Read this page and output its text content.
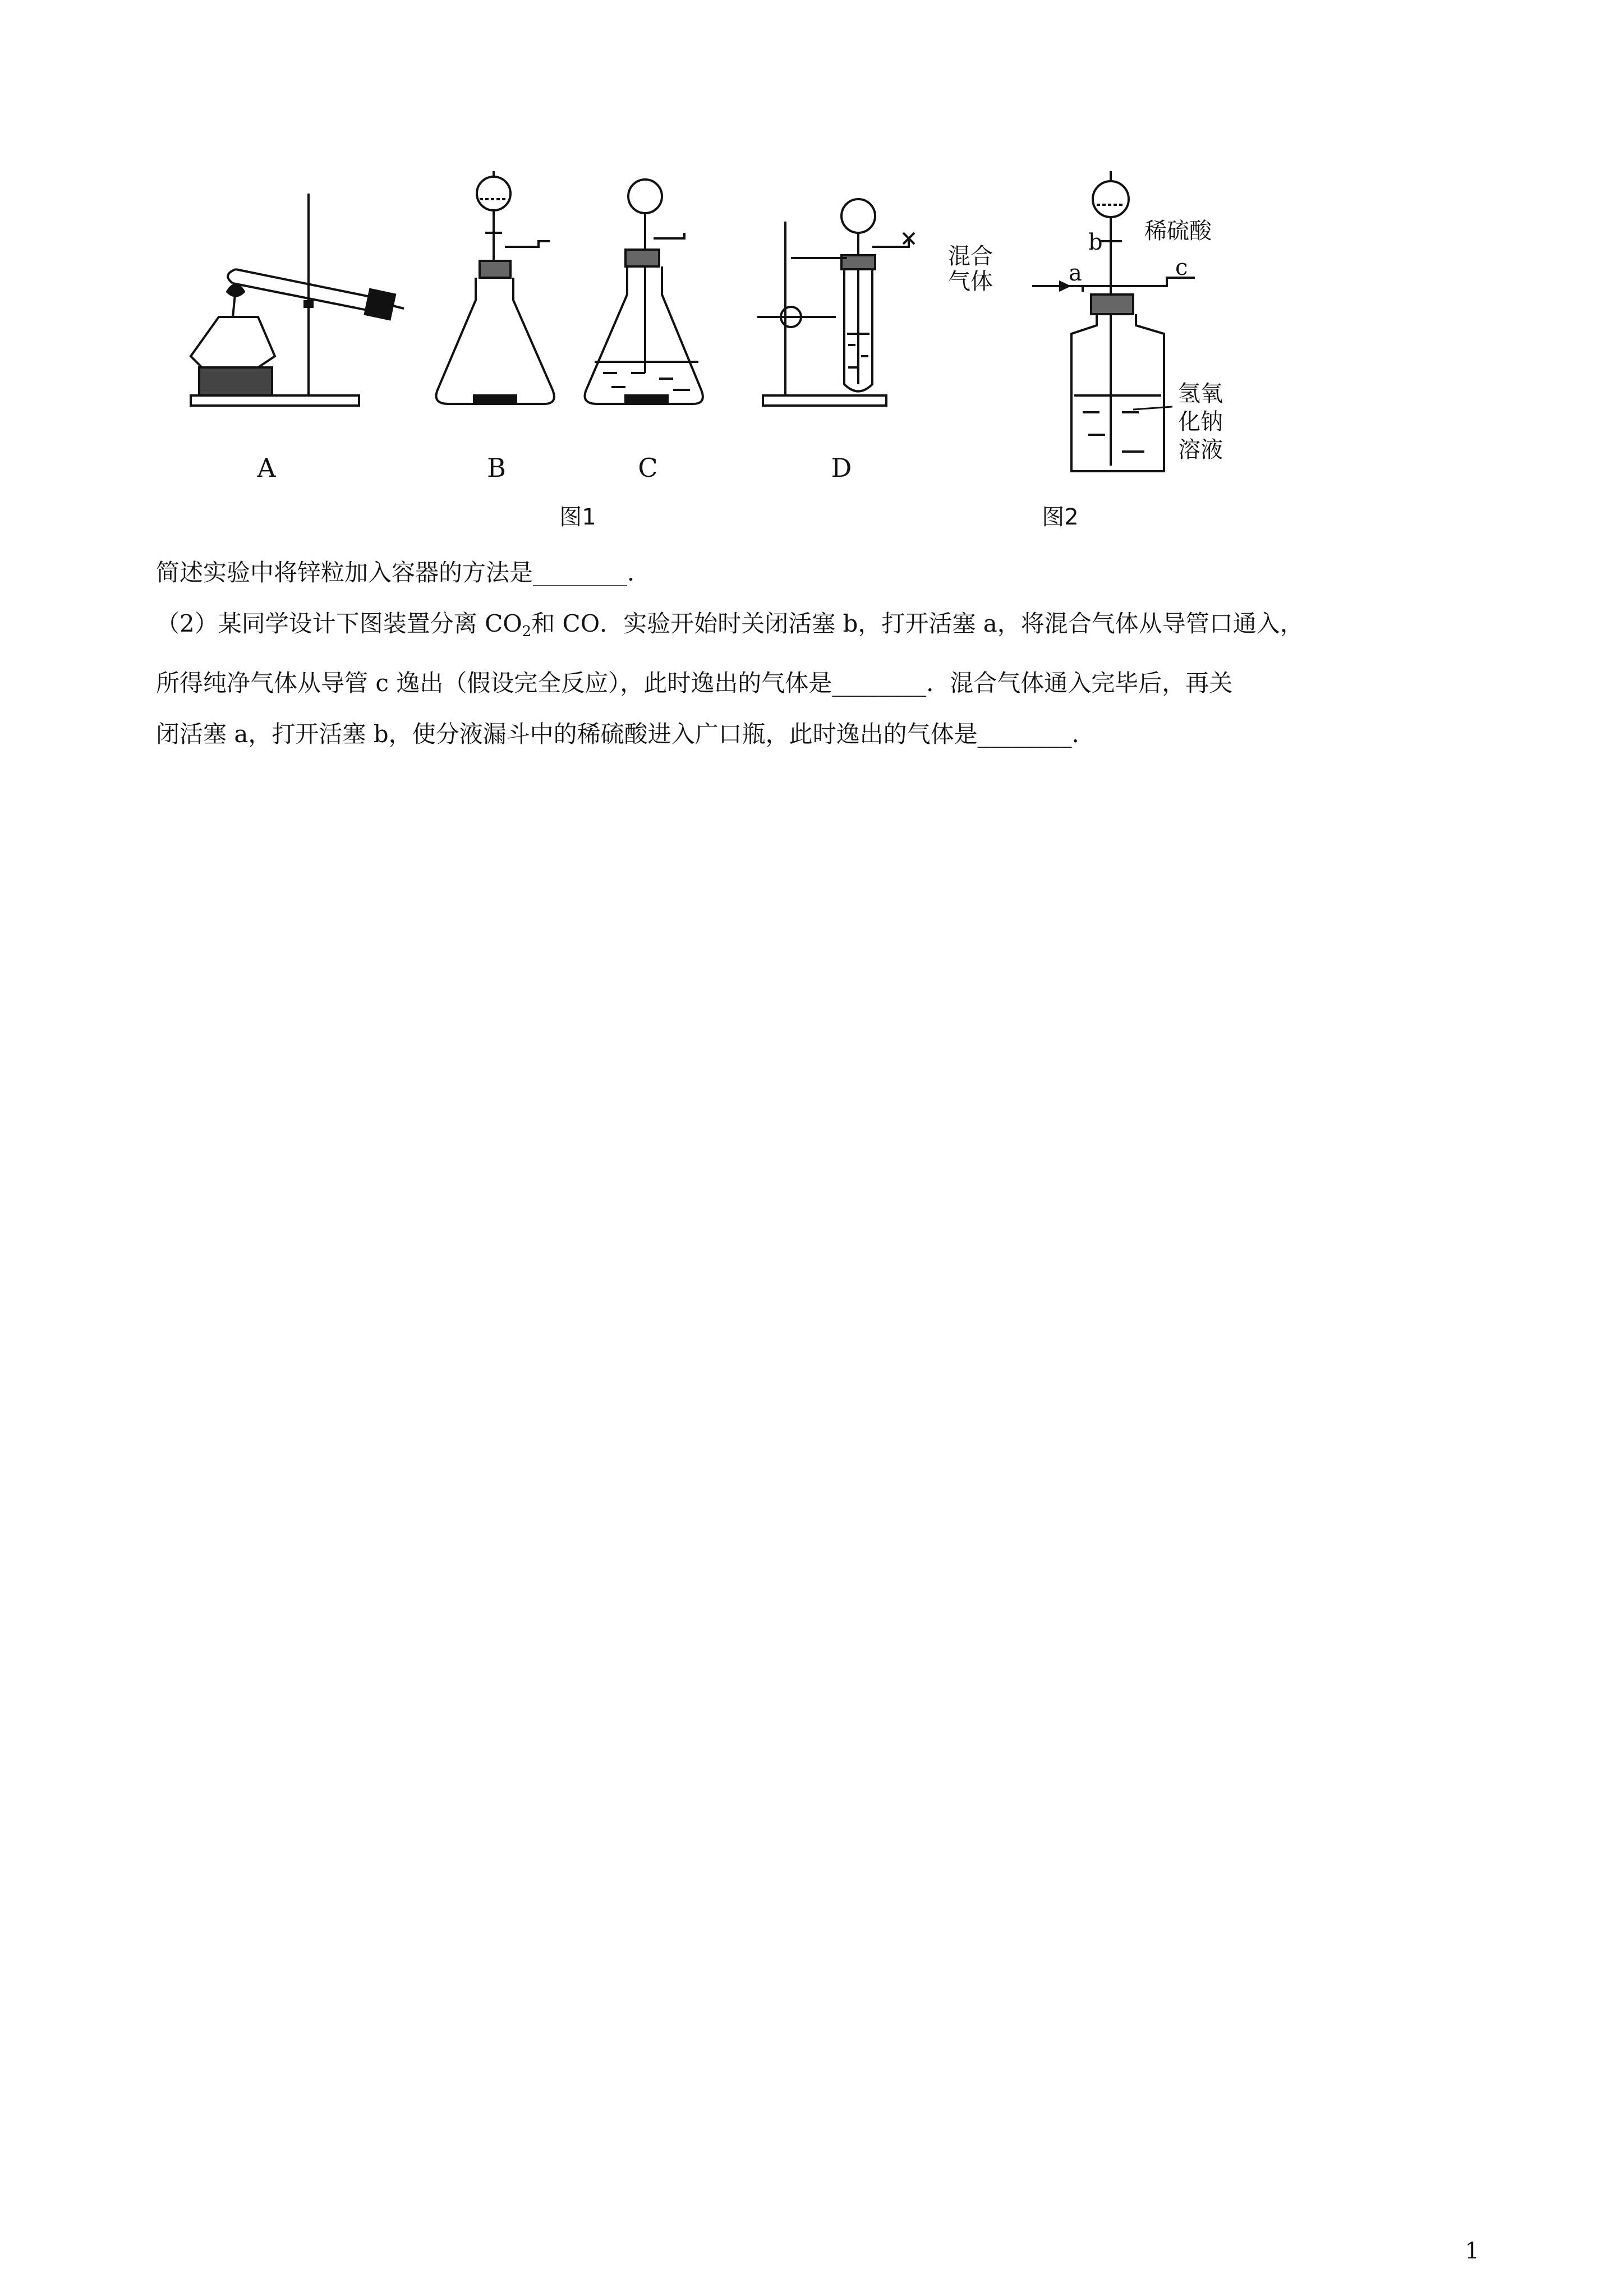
A	B	C	D
混合
气体
稀硫酸
氢氧
化钠
溶液
a
b
c
图1	图2
简述实验中将锌粒加入容器的方法是________．
（2）某同学设计下图装置分离 $CO_2$和 CO．实验开始时关闭活塞 b，打开活塞 a，将混合气体从导管口通入，
所得纯净气体从导管 c 逸出（假设完全反应），此时逸出的气体是________．混合气体通入完毕后，再关
闭活塞 a，打开活塞 b，使分液漏斗中的稀硫酸进入广口瓶，此时逸出的气体是________．
1
